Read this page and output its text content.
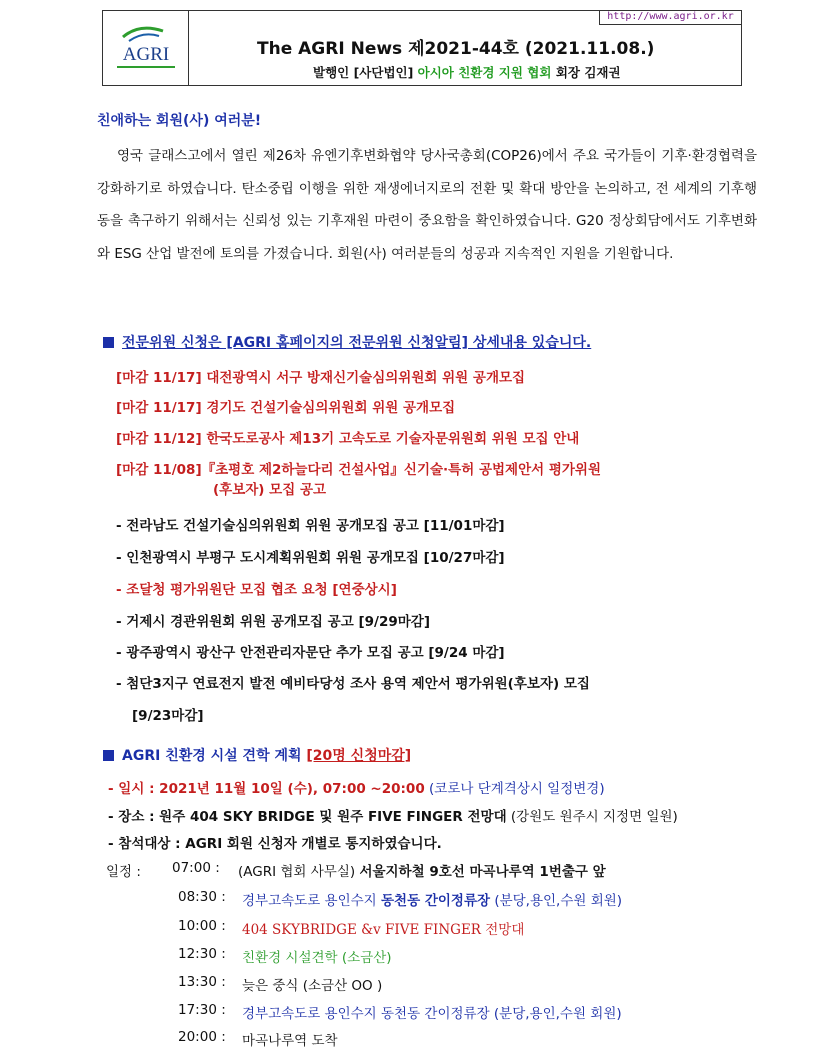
AGRI
http://www.agri.or.kr
The AGRI News 제2021-44호 (2021.11.08.)
발행인 [사단법인] 아시아 친환경 지원 협회 회장 김재권
친애하는 회원(사) 여러분!

영국 글래스고에서 열린 제26차 유엔기후변화협약 당사국총회(COP26)에서 주요 국가들이 기후·환경협력을 강화하기로 하였습니다. 탄소중립 이행을 위한 재생에너지로의 전환 및 확대 방안을 논의하고, 전 세계의 기후행동을 촉구하기 위해서는 신뢰성 있는 기후재원 마련이 중요함을 확인하였습니다. G20 정상회담에서도 기후변화와 ESG 산업 발전에 토의를 가졌습니다. 회원(사) 여러분들의 성공과 지속적인 지원을 기원합니다.

전문위원 신청은 [AGRI 홈페이지의 전문위원 신청알림] 상세내용 있습니다.
[마감 11/17] 대전광역시 서구 방재신기술심의위원회 위원 공개모집
[마감 11/17] 경기도 건설기술심의위원회 위원 공개모집
[마감 11/12] 한국도로공사 제13기 고속도로 기술자문위원회 위원 모집 안내
[마감 11/08]『초평호 제2하늘다리 건설사업』신기술·특허 공법제안서 평가위원
(후보자) 모집 공고
- 전라남도 건설기술심의위원회 위원 공개모집 공고 [11/01마감]
- 인천광역시 부평구 도시계획위원회 위원 공개모집 [10/27마감]
- 조달청 평가위원단 모집 협조 요청 [연중상시]
- 거제시 경관위원회 위원 공개모집 공고 [9/29마감]
- 광주광역시 광산구 안전관리자문단 추가 모집 공고 [9/24 마감]
- 첨단3지구 연료전지 발전 예비타당성 조사 용역 제안서 평가위원(후보자) 모집
[9/23마감]
AGRI 친환경 시설 견학 계획 [20명 신청마감]
- 일시 : 2021년 11월 10일 (수), 07:00 ~20:00 (코로나 단계격상시 일정변경)
- 장소 : 원주 404 SKY BRIDGE 및 원주 FIVE FINGER 전망대 (강원도 원주시 지정면 일원)
- 참석대상 : AGRI 회원 신청자 개별로 통지하였습니다.
일정 : 07:00 : (AGRI 협회 사무실) 서울지하철 9호선 마곡나루역 1번출구 앞
08:30 : 경부고속도로 용인수지 동천동 간이정류장 (분당,용인,수원 회원)
10:00 : 404 SKYBRIDGE &v FIVE FINGER 전망대
12:30 : 친환경 시설견학 (소금산)
13:30 : 늦은 중식 (소금산 OO )
17:30 : 경부고속도로 용인수지 동천동 간이정류장 (분당,용인,수원 회원)
20:00 : 마곡나루역 도착
